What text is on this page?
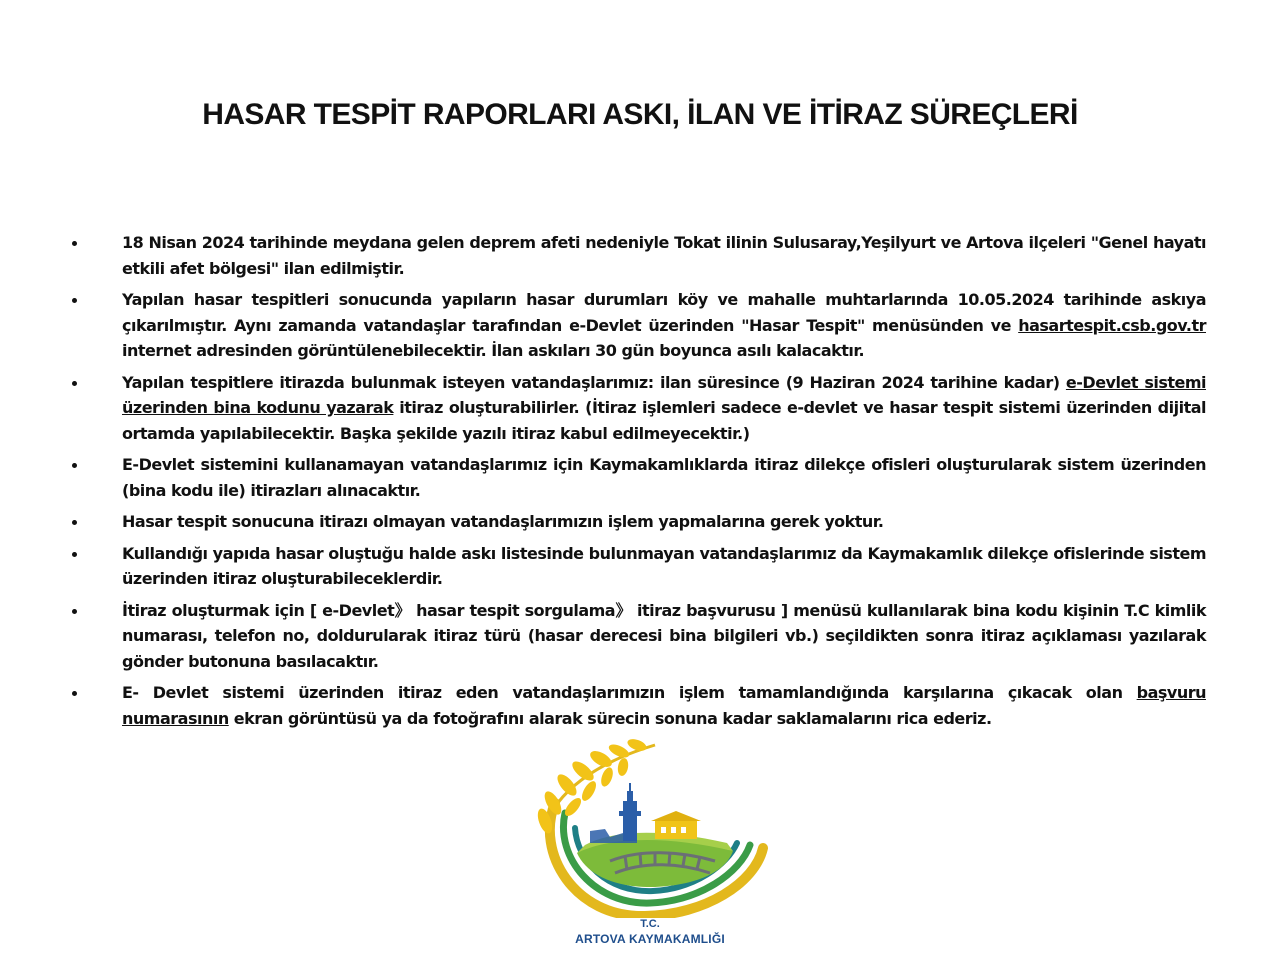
HASAR TESPİT RAPORLARI ASKI, İLAN VE İTİRAZ SÜREÇLERİ
18 Nisan 2024 tarihinde meydana gelen deprem afeti nedeniyle Tokat ilinin Sulusaray,Yeşilyurt ve Artova ilçeleri "Genel hayatı etkili afet bölgesi" ilan edilmiştir.
Yapılan hasar tespitleri sonucunda yapıların hasar durumları köy ve mahalle muhtarlarında 10.05.2024 tarihinde askıya çıkarılmıştır. Aynı zamanda vatandaşlar tarafından e-Devlet üzerinden "Hasar Tespit" menüsünden ve hasartespit.csb.gov.tr internet adresinden görüntülenebilecektir. İlan askıları 30 gün boyunca asılı kalacaktır.
Yapılan tespitlere itirazda bulunmak isteyen vatandaşlarımız: ilan süresince (9 Haziran 2024 tarihine kadar) e-Devlet sistemi üzerinden bina kodunu yazarak itiraz oluşturabilirler. (İtiraz işlemleri sadece e-devlet ve hasar tespit sistemi üzerinden dijital ortamda yapılabilecektir. Başka şekilde yazılı itiraz kabul edilmeyecektir.)
E-Devlet sistemini kullanamayan vatandaşlarımız için Kaymakamlıklarda itiraz dilekçe ofisleri oluşturularak sistem üzerinden (bina kodu ile) itirazları alınacaktır.
Hasar tespit sonucuna itirazı olmayan vatandaşlarımızın işlem yapmalarına gerek yoktur.
Kullandığı yapıda hasar oluştuğu halde askı listesinde bulunmayan vatandaşlarımız da Kaymakamlık dilekçe ofislerinde sistem üzerinden itiraz oluşturabileceklerdir.
İtiraz oluşturmak için [ e-Devlet》 hasar tespit sorgulama》 itiraz başvurusu ] menüsü kullanılarak bina kodu kişinin T.C kimlik numarası, telefon no, doldurularak itiraz türü (hasar derecesi bina bilgileri vb.) seçildikten sonra itiraz açıklaması yazılarak gönder butonuna basılacaktır.
E- Devlet sistemi üzerinden itiraz eden vatandaşlarımızın işlem tamamlandığında karşılarına çıkacak olan başvuru numarasının ekran görüntüsü ya da fotoğrafını alarak sürecin sonuna kadar saklamalarını rica ederiz.
T.C.
ARTOVA KAYMAKAMLIĞI
